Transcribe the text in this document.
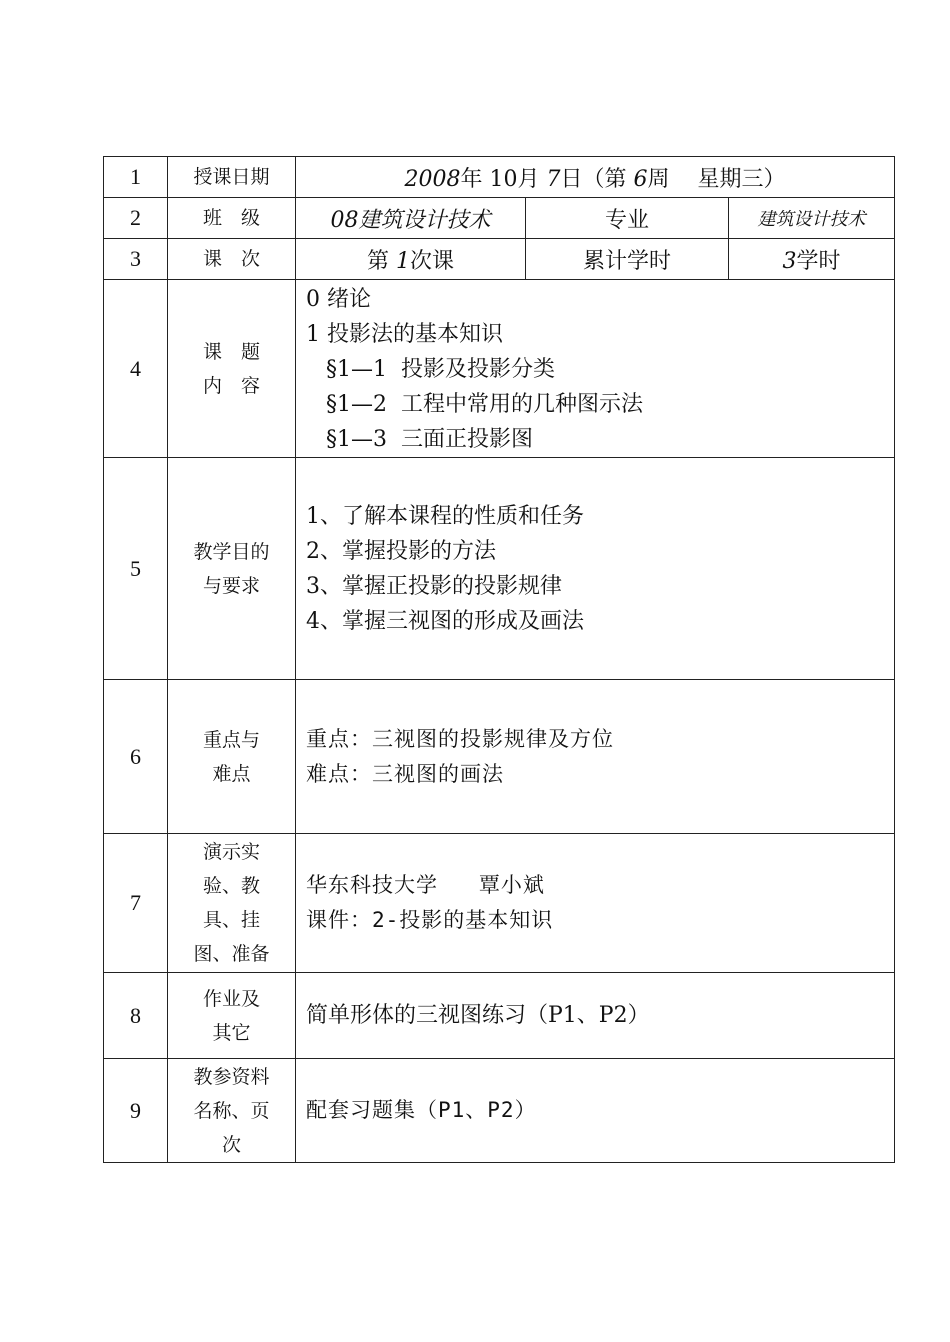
1	授课日期	2008年 10月 7日（第 6周 星期三）		
2	班　级	08建筑设计技术	专业	建筑设计技术
3	课　次	第 1次课	累计学时	3学时
4	课　题
内　容	0 绪论
1 投影法的基本知识
§1—1  投影及投影分类
§1—2  工程中常用的几种图示法
§1—3  三面正投影图		

5	教学目的
与要求	1、了解本课程的性质和任务
2、掌握投影的方法
3、掌握正投影的投影规律
4、掌握三视图的形成及画法		

6	重点与
难点	重点：三视图的投影规律及方位
难点：三视图的画法		

7	演示实
验、教
具、挂
图、准备	华东科技大学   覃小斌
课件：2-投影的基本知识		

8	作业及
其它	简单形体的三视图练习（P1、P2）		

9	教参资料
名称、页
次	配套习题集（P1、P2）		
